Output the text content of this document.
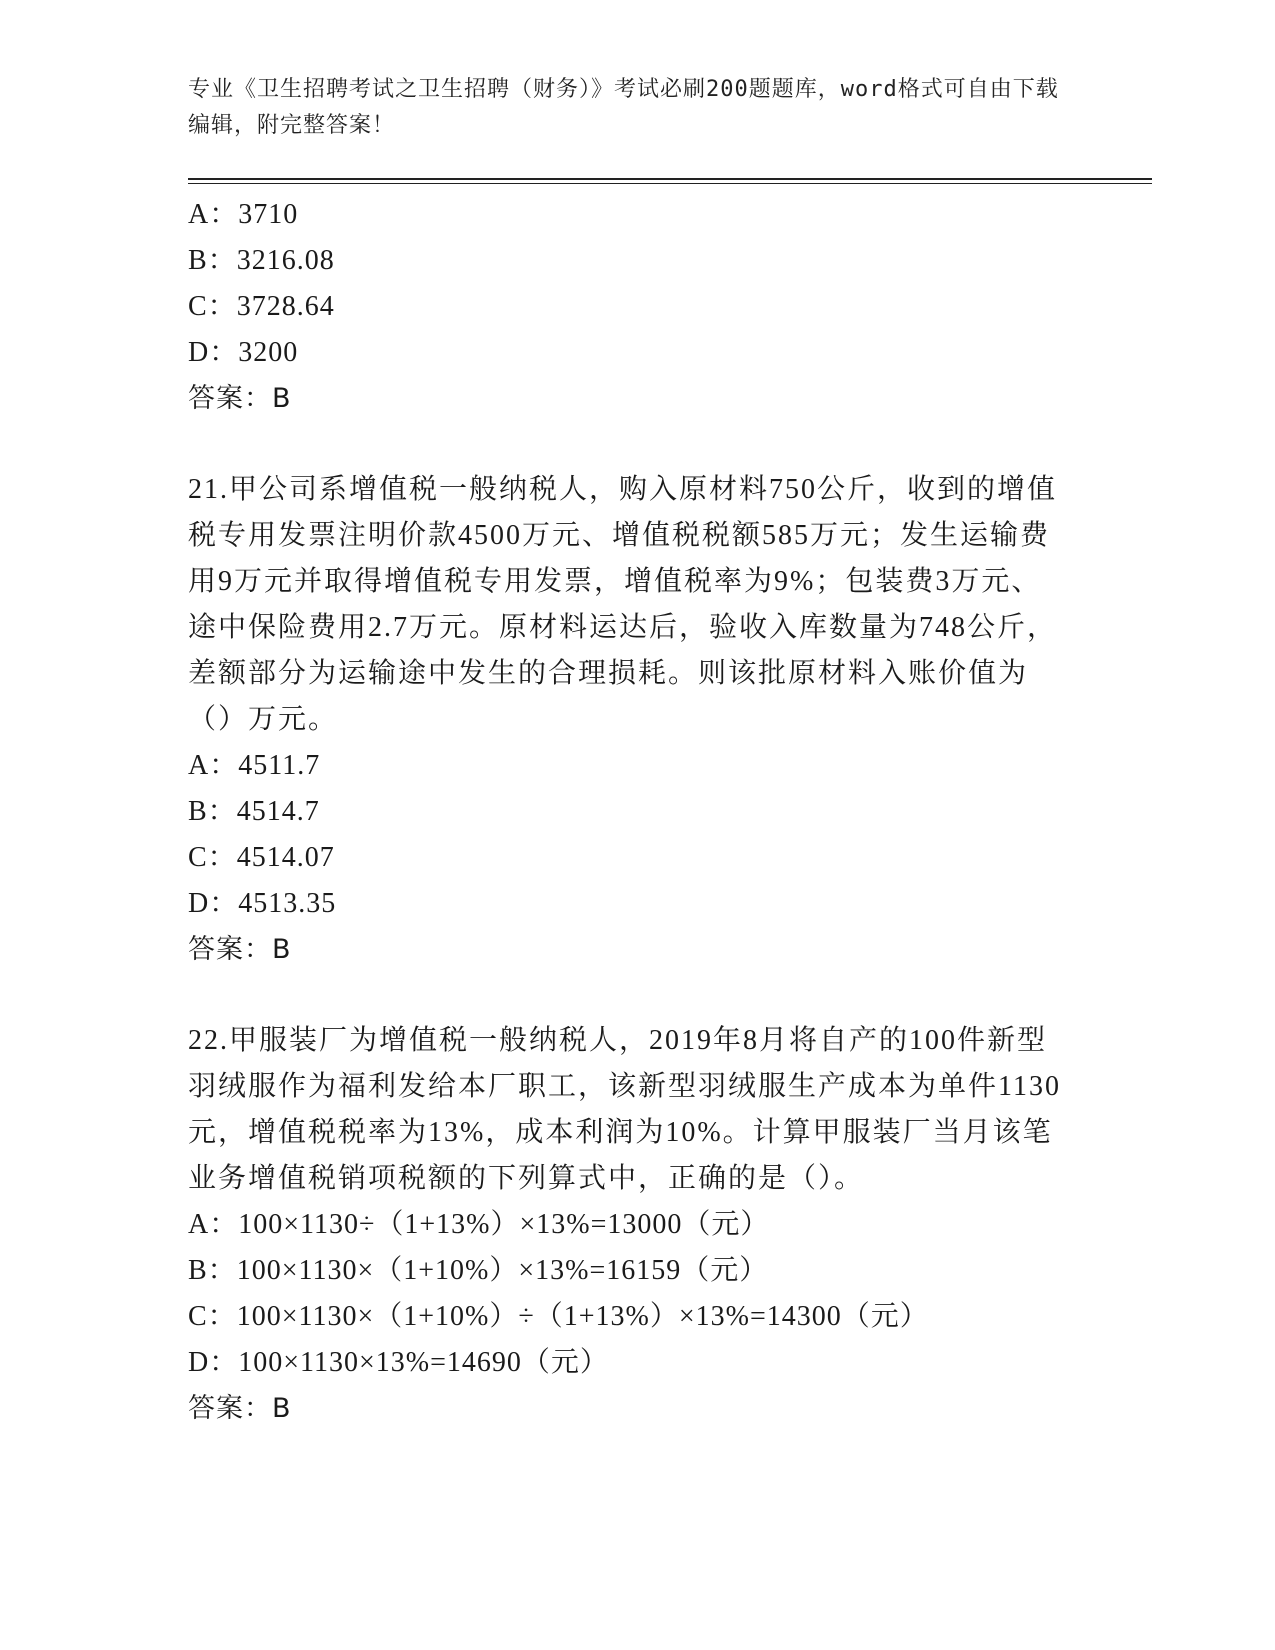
专业《卫生招聘考试之卫生招聘（财务）》考试必刷200题题库，word格式可自由下载编辑，附完整答案！
A：3710
B：3216.08
C：3728.64
D：3200
答案：B
21.甲公司系增值税一般纳税人，购入原材料750公斤，收到的增值税专用发票注明价款4500万元、增值税税额585万元；发生运输费用9万元并取得增值税专用发票，增值税率为9%；包装费3万元、途中保险费用2.7万元。原材料运达后，验收入库数量为748公斤，差额部分为运输途中发生的合理损耗。则该批原材料入账价值为（）万元。
A：4511.7
B：4514.7
C：4514.07
D：4513.35
答案：B
22.甲服装厂为增值税一般纳税人，2019年8月将自产的100件新型羽绒服作为福利发给本厂职工，该新型羽绒服生产成本为单件1130元，增值税税率为13%，成本利润为10%。计算甲服装厂当月该笔业务增值税销项税额的下列算式中，正确的是（）。
A：100×1130÷（1+13%）×13%=13000（元）
B：100×1130×（1+10%）×13%=16159（元）
C：100×1130×（1+10%）÷（1+13%）×13%=14300（元）
D：100×1130×13%=14690（元）
答案：B
